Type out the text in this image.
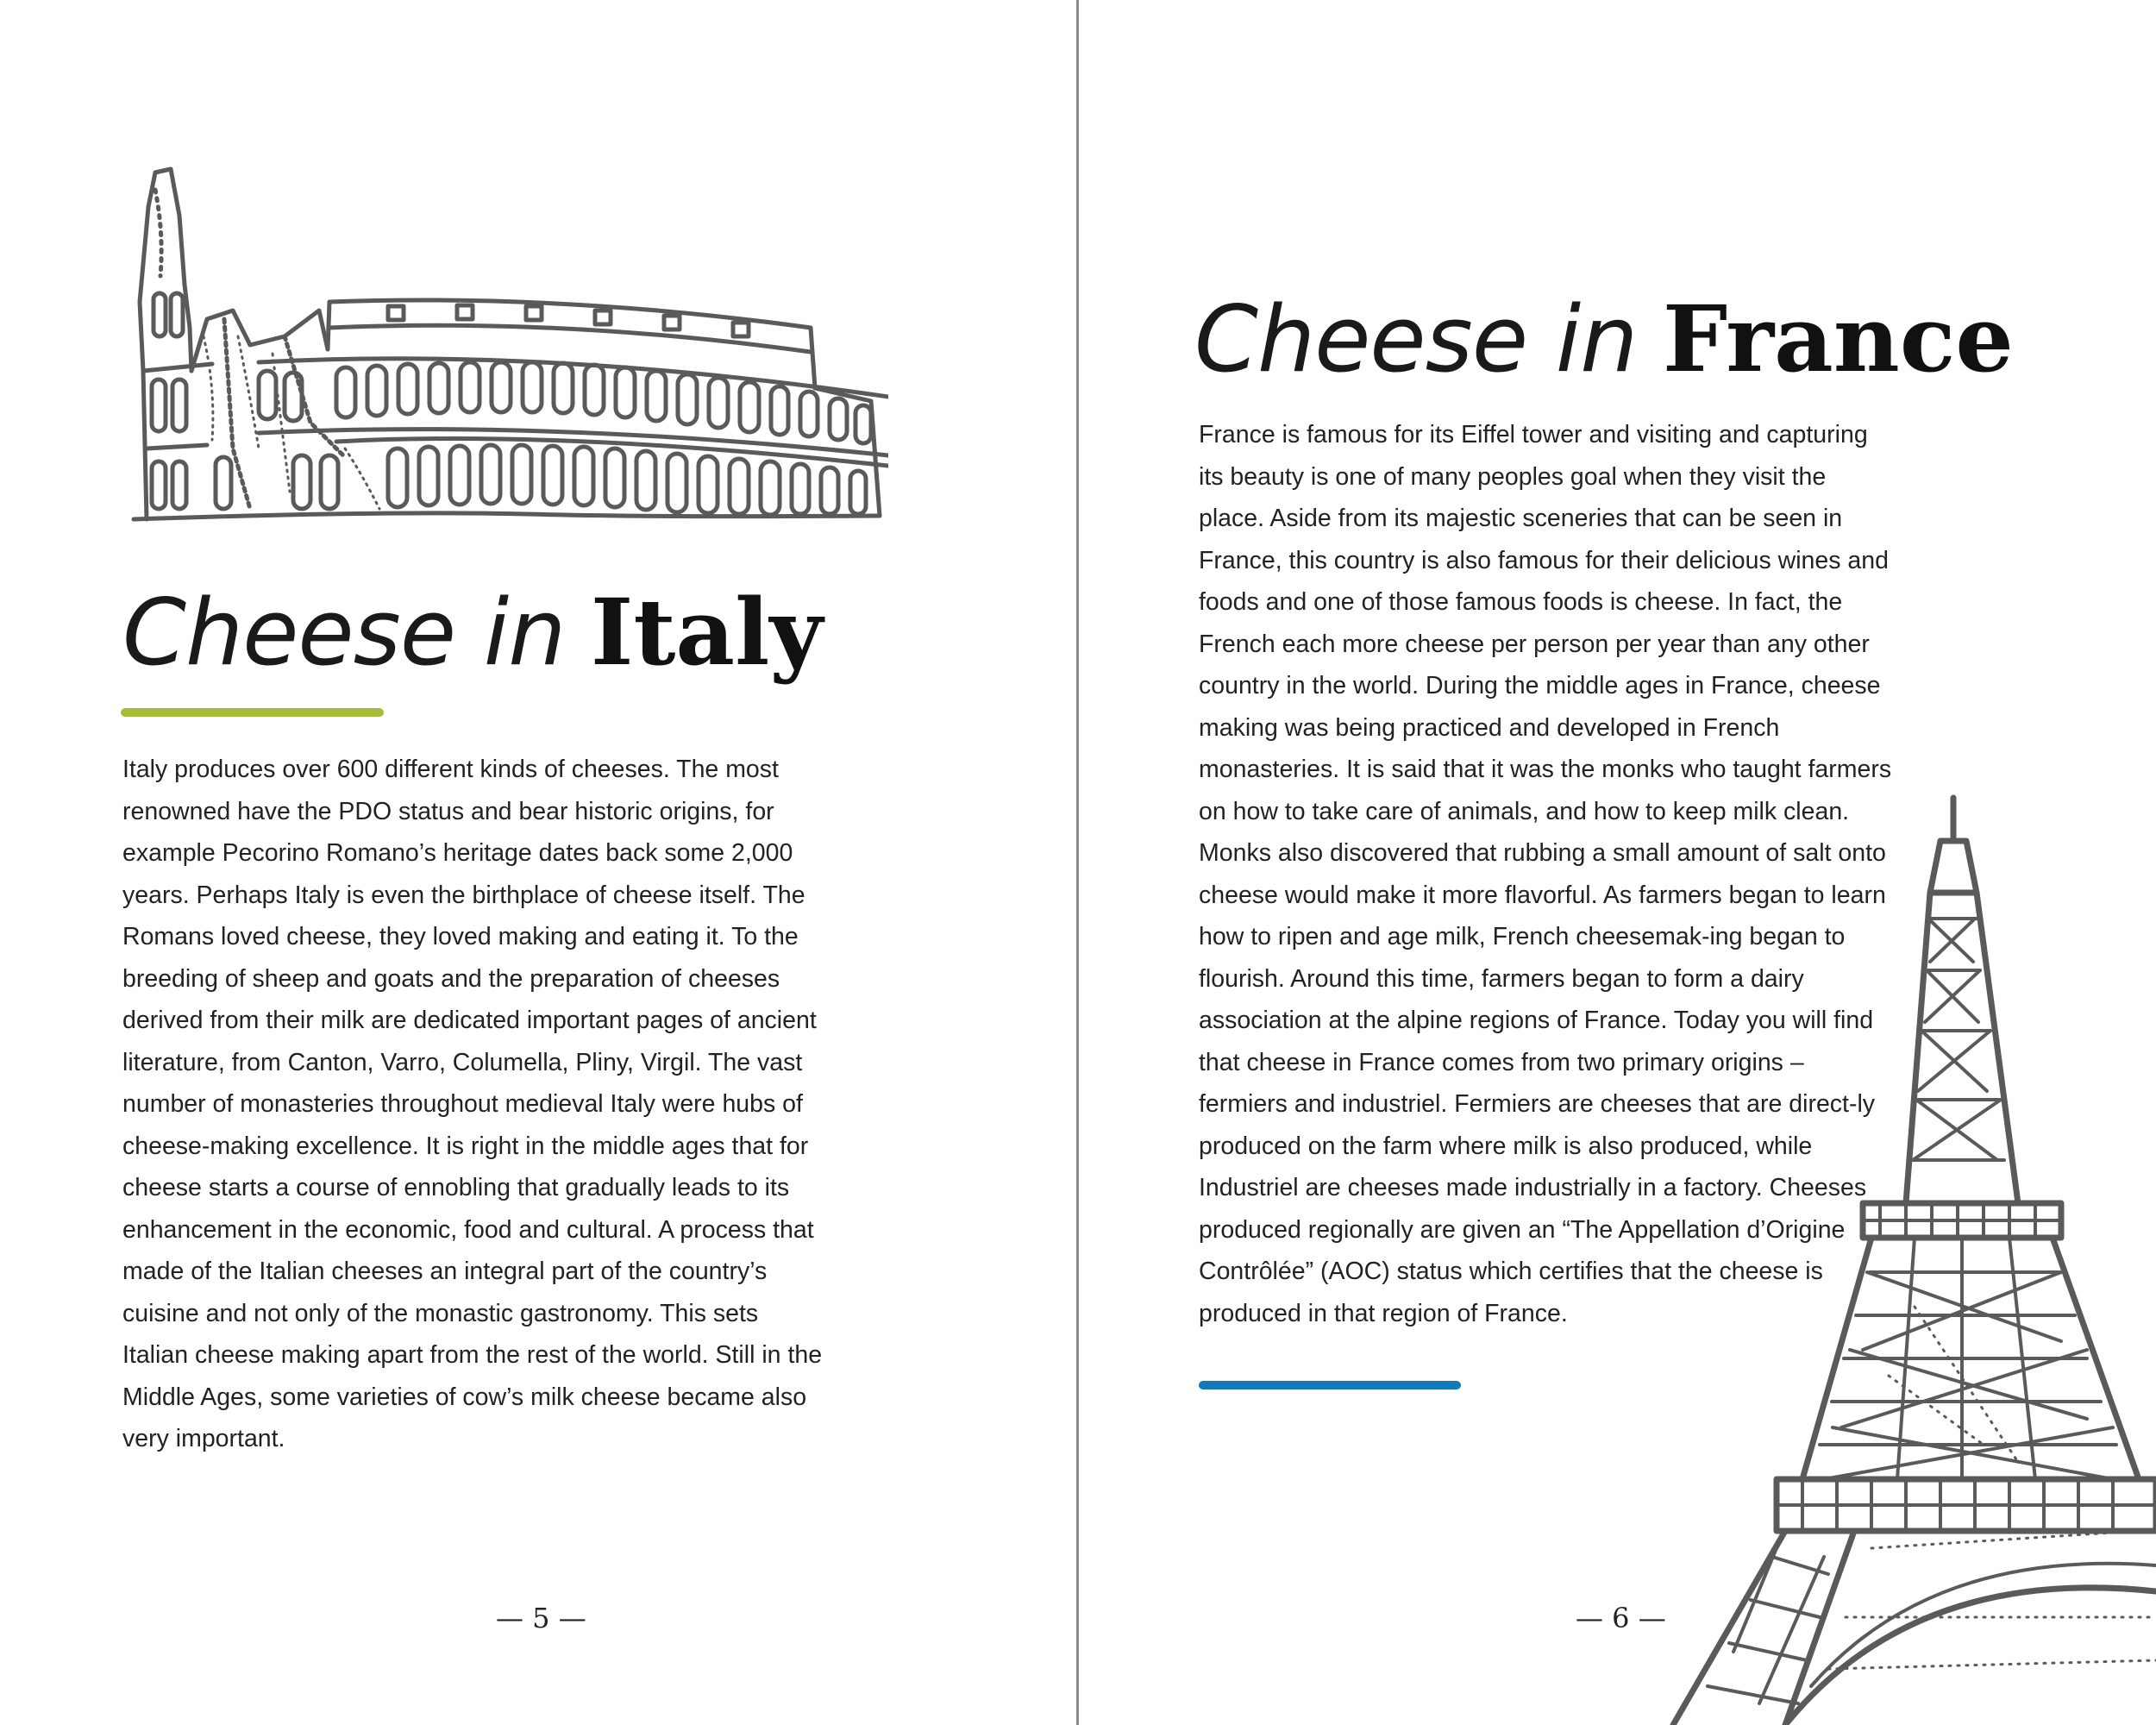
Cheese in Italy

Italy produces over 600 different kinds of cheeses. The most renowned have the PDO status and bear historic origins, for example Pecorino Romano’s heritage dates back some 2,000 years. Perhaps Italy is even the birthplace of cheese itself. The Romans loved cheese, they loved making and eating it. To the breeding of sheep and goats and the preparation of cheeses derived from their milk are dedicated important pages of ancient literature, from Canton, Varro, Columella, Pliny, Virgil. The vast number of monasteries throughout medieval Italy were hubs of cheese-making excellence. It is right in the middle ages that for cheese starts a course of ennobling that gradually leads to its enhancement in the economic, food and cultural. A process that made of the Italian cheeses an integral part of the country’s cuisine and not only of the monastic gastronomy. This sets Italian cheese making apart from the rest of the world. Still in the Middle Ages, some varieties of cow’s milk cheese became also very important.

— 5 —
Cheese in France

France is famous for its Eiffel tower and visiting and capturing its beauty is one of many peoples goal when they visit the place. Aside from its majestic sceneries that can be seen in France, this country is also famous for their delicious wines and foods and one of those famous foods is cheese. In fact, the French each more cheese per person per year than any other country in the world. During the middle ages in France, cheese making was being practiced and developed in French monasteries. It is said that it was the monks who taught farmers on how to take care of animals, and how to keep milk clean. Monks also discovered that rubbing a small amount of salt onto cheese would make it more flavorful. As farmers began to learn how to ripen and age milk, French cheesemak-ing began to flourish. Around this time, farmers began to form a dairy association at the alpine regions of France. Today you will find that cheese in France comes from two primary origins – fermiers and industriel. Fermiers are cheeses that are direct-ly produced on the farm where milk is also produced, while Industriel are cheeses made industrially in a factory. Cheeses produced regionally are given an “The Appellation d’Origine Contrôlée” (AOC) status which certifies that the cheese is produced in that region of France.

— 6 —
